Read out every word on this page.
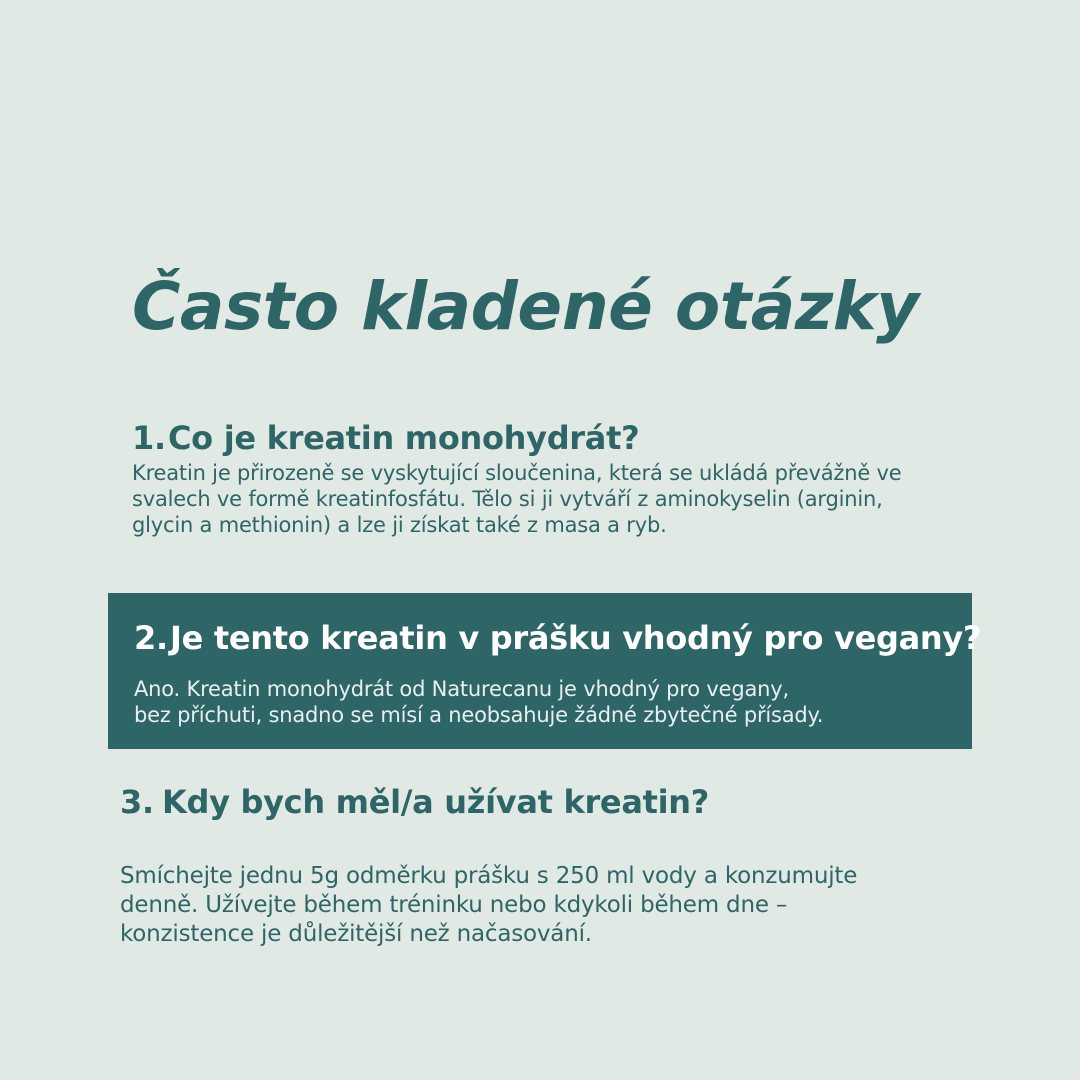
Často kladené otázky

1.Co je kreatin monohydrát?

Kreatin je přirozeně se vyskytující sloučenina, která se ukládá převážně ve
svalech ve formě kreatinfosfátu. Tělo si ji vytváří z aminokyselin (arginin,
glycin a methionin) a lze ji získat také z masa a ryb.

2.Je tento kreatin v prášku vhodný pro vegany?

Ano. Kreatin monohydrát od Naturecanu je vhodný pro vegany,
bez příchuti, snadno se mísí a neobsahuje žádné zbytečné přísady.

3. Kdy bych měl/a užívat kreatin?

Smíchejte jednu 5g odměrku prášku s 250 ml vody a konzumujte
denně. Užívejte během tréninku nebo kdykoli během dne –
konzistence je důležitější než načasování.
